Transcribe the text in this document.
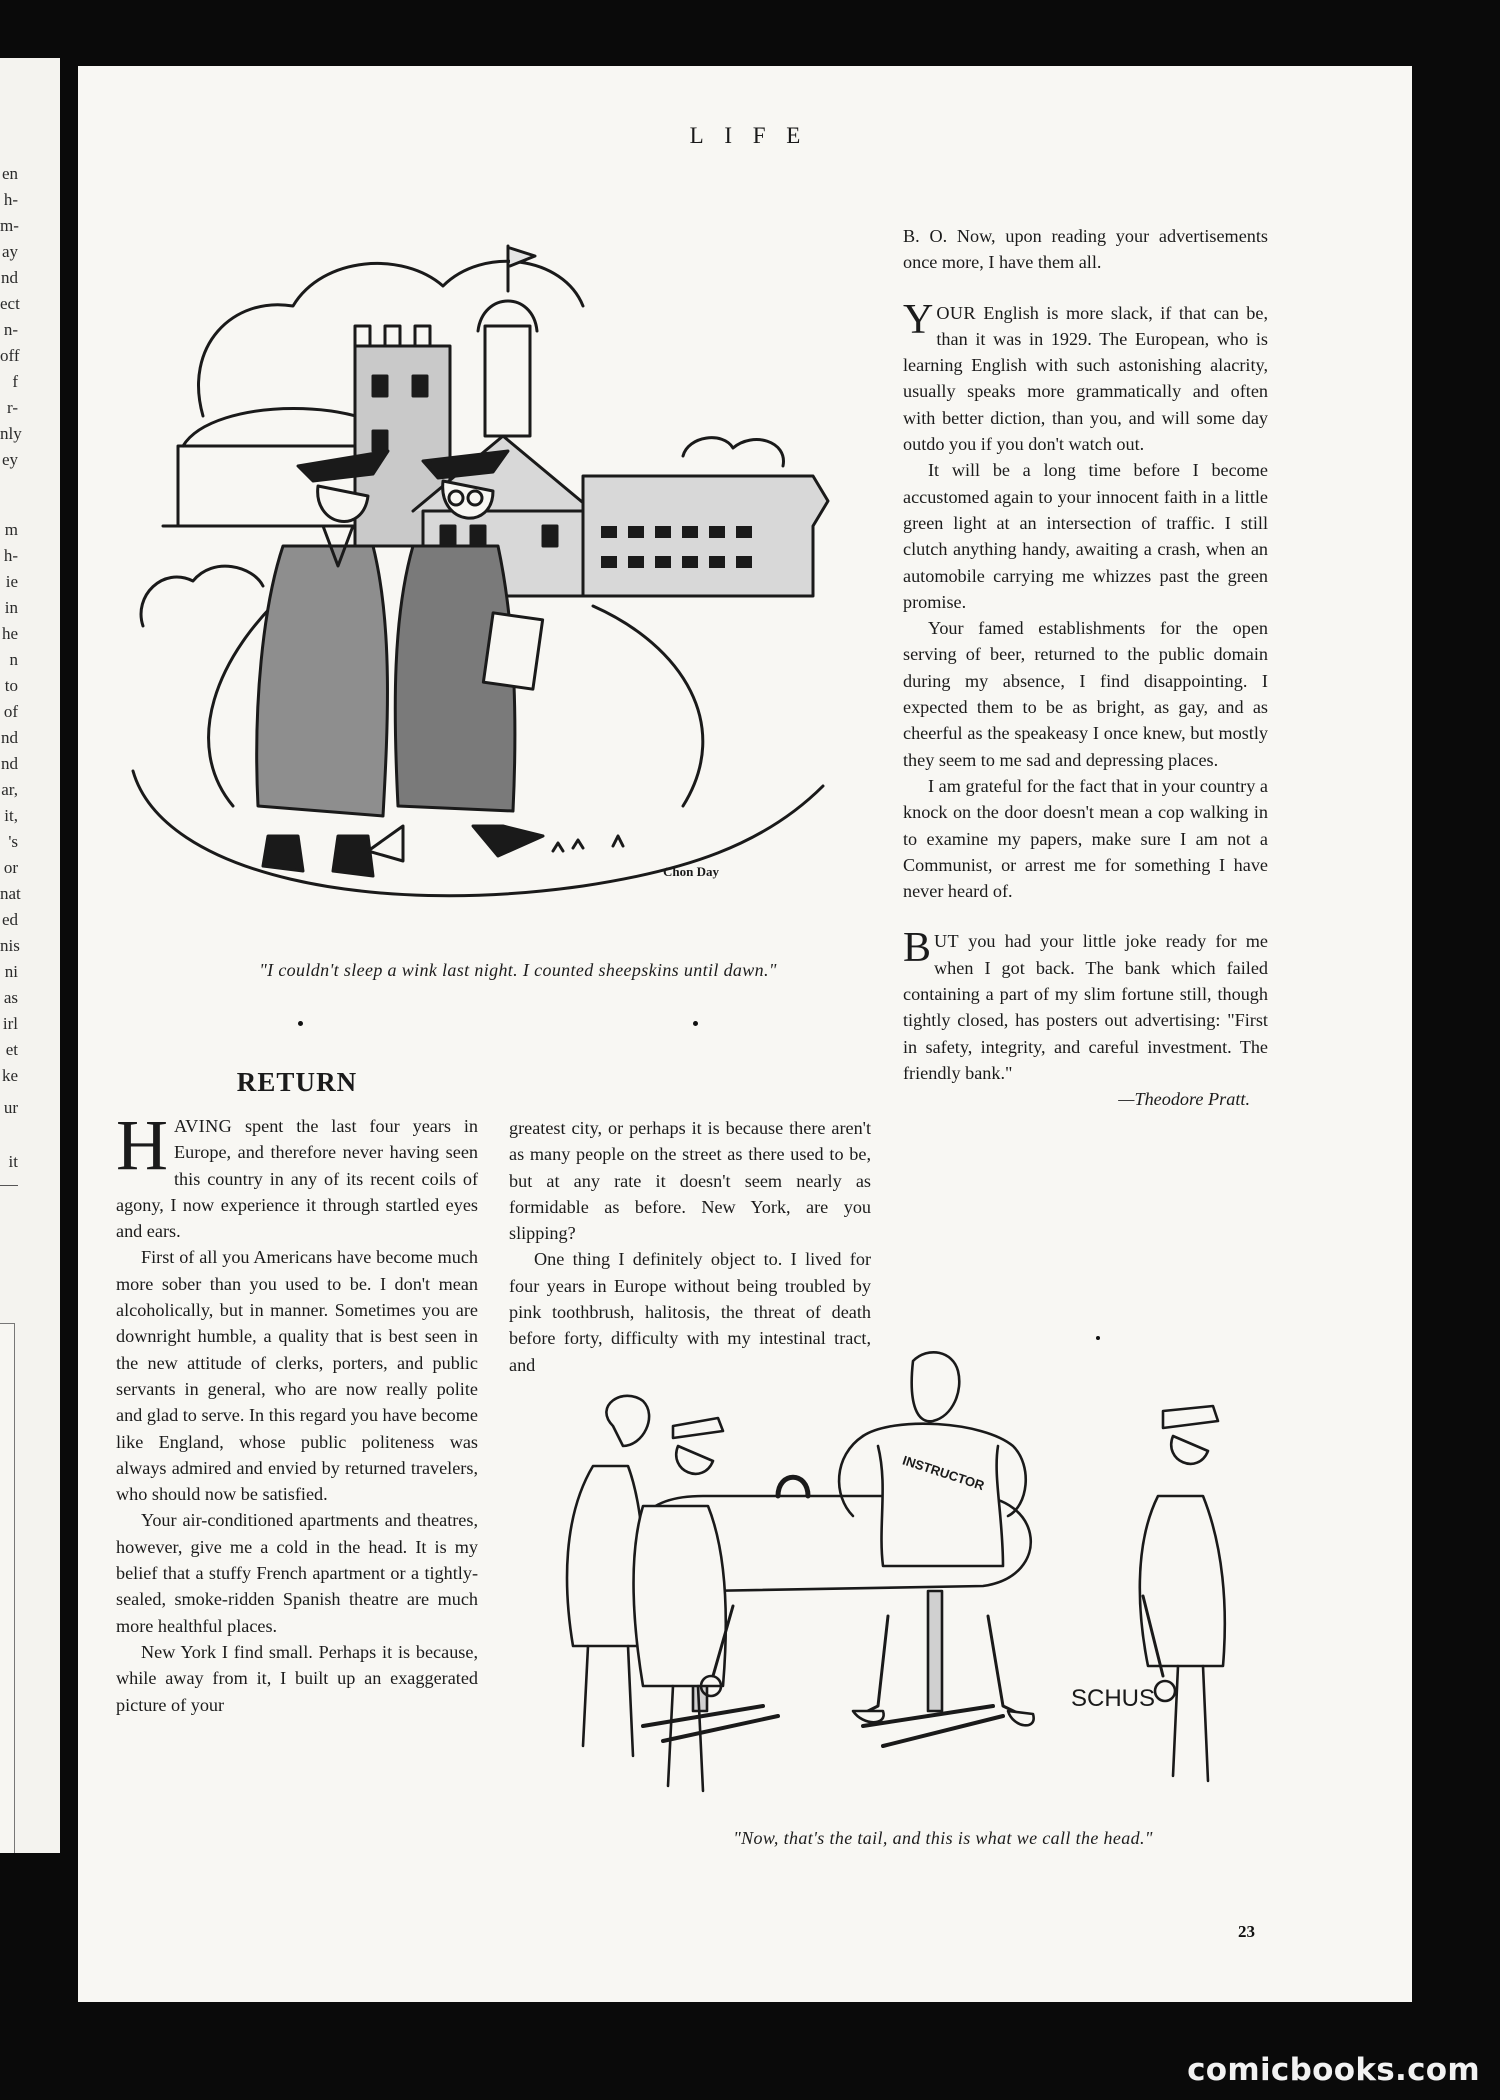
en
h-
m-
ay
nd
ect
n-
off
f
r-
nly
ey
m
h-
ie
in
he
n
to
of
nd
nd
ar,
it,
's
or
nat
ed
nis
ni
as
irl
et
ke
ur
it
LIFE
Chon Day
"I couldn't sleep a wink last night. I counted sheepskins until dawn."
RETURN

HAVING spent the last four years in Europe, and therefore never having seen this country in any of its recent coils of agony, I now experience it through startled eyes and ears.

First of all you Americans have become much more sober than you used to be. I don't mean alcoholically, but in manner. Sometimes you are downright humble, a quality that is best seen in the new attitude of clerks, porters, and public servants in general, who are now really polite and glad to serve. In this regard you have become like England, whose public politeness was always admired and envied by returned travelers, who should now be satisfied.

Your air-conditioned apartments and theatres, however, give me a cold in the head. It is my belief that a stuffy French apartment or a tightly-sealed, smoke-ridden Spanish theatre are much more healthful places.

New York I find small. Perhaps it is because, while away from it, I built up an exaggerated picture of your

greatest city, or perhaps it is because there aren't as many people on the street as there used to be, but at any rate it doesn't seem nearly as formidable as before. New York, are you slipping?

One thing I definitely object to. I lived for four years in Europe without being troubled by pink toothbrush, halitosis, the threat of death before forty, difficulty with my intestinal tract, and

B. O. Now, upon reading your advertisements once more, I have them all.

YOUR English is more slack, if that can be, than it was in 1929. The European, who is learning English with such astonishing alacrity, usually speaks more grammatically and often with better diction, than you, and will some day outdo you if you don't watch out.

It will be a long time before I become accustomed again to your innocent faith in a little green light at an intersection of traffic. I still clutch anything handy, awaiting a crash, when an automobile carrying me whizzes past the green promise.

Your famed establishments for the open serving of beer, returned to the public domain during my absence, I find disappointing. I expected them to be as bright, as gay, and as cheerful as the speakeasy I once knew, but mostly they seem to me sad and depressing places.

I am grateful for the fact that in your country a knock on the door doesn't mean a cop walking in to examine my papers, make sure I am not a Communist, or arrest me for something I have never heard of.

BUT you had your little joke ready for me when I got back. The bank which failed containing a part of my slim fortune still, though tightly closed, has posters out advertising: "First in safety, integrity, and careful investment. The friendly bank."

—Theodore Pratt.

INSTRUCTOR
SCHUS
"Now, that's the tail, and this is what we call the head."
23
comicbooks.com
